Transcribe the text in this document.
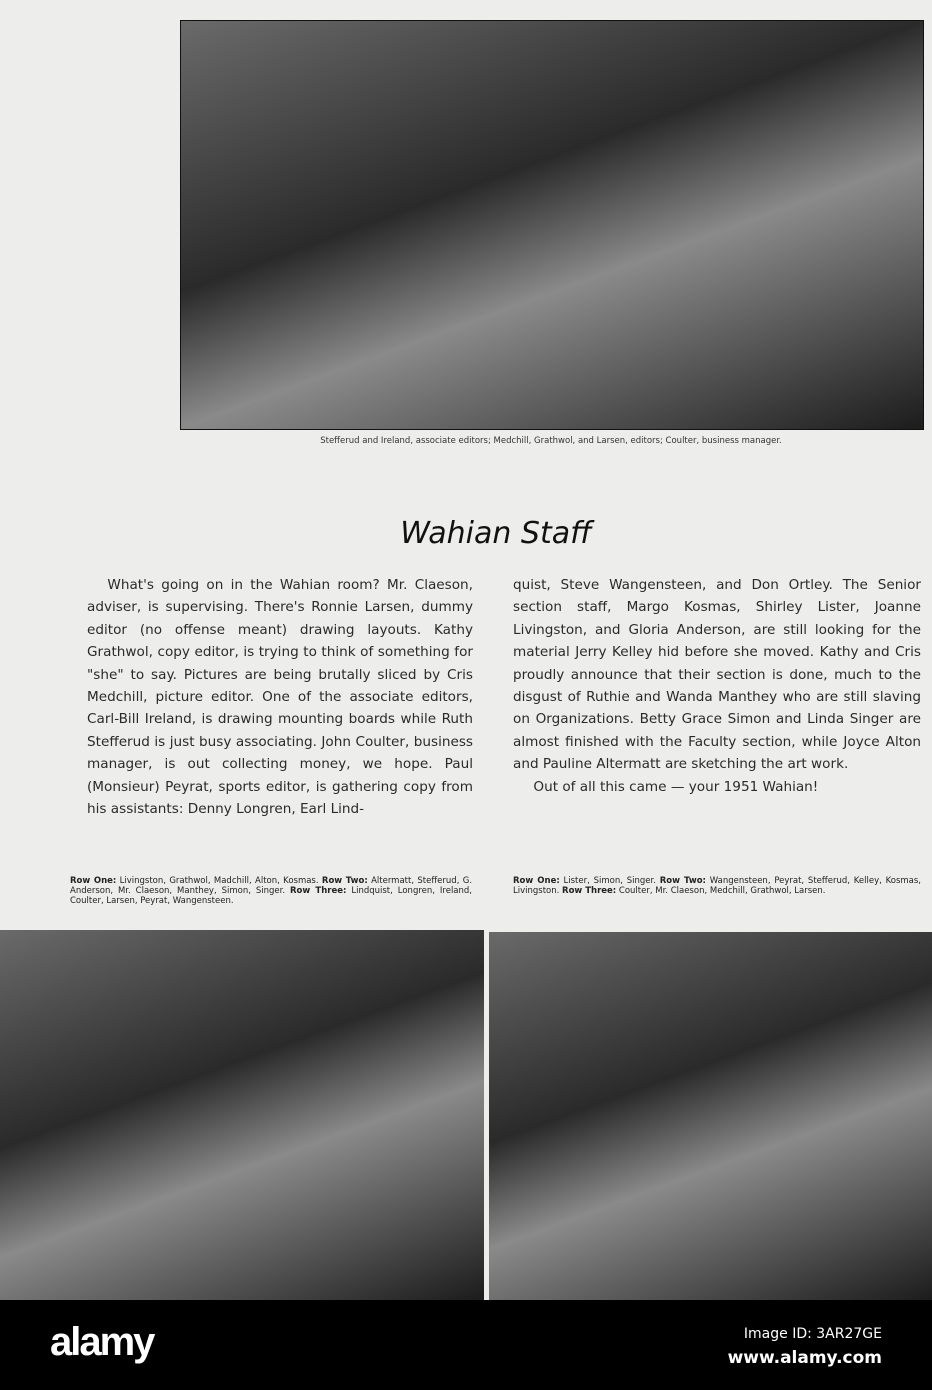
Stefferud and Ireland, associate editors; Medchill, Grathwol, and Larsen, editors; Coulter, business manager.
Wahian Staff

What's going on in the Wahian room? Mr. Claeson, adviser, is supervising. There's Ronnie Larsen, dummy editor (no offense meant) drawing layouts. Kathy Grathwol, copy editor, is trying to think of something for "she" to say. Pictures are being brutally sliced by Cris Medchill, picture editor. One of the associate editors, Carl-Bill Ireland, is drawing mounting boards while Ruth Stefferud is just busy associating. John Coulter, business manager, is out collecting money, we hope. Paul (Monsieur) Peyrat, sports editor, is gathering copy from his assistants: Denny Longren, Earl Lind-

quist, Steve Wangensteen, and Don Ortley. The Senior section staff, Margo Kosmas, Shirley Lister, Joanne Livingston, and Gloria Anderson, are still looking for the material Jerry Kelley hid before she moved. Kathy and Cris proudly announce that their section is done, much to the disgust of Ruthie and Wanda Manthey who are still slaving on Organizations. Betty Grace Simon and Linda Singer are almost finished with the Faculty section, while Joyce Alton and Pauline Altermatt are sketching the art work.

Out of all this came — your 1951 Wahian!

Row One: Livingston, Grathwol, Madchill, Alton, Kosmas. Row Two: Altermatt, Stefferud, G. Anderson, Mr. Claeson, Manthey, Simon, Singer. Row Three: Lindquist, Longren, Ireland, Coulter, Larsen, Peyrat, Wangensteen.
Row One: Lister, Simon, Singer. Row Two: Wangensteen, Peyrat, Stefferud, Kelley, Kosmas, Livingston. Row Three: Coulter, Mr. Claeson, Medchill, Grathwol, Larsen.
alamy	Image ID: 3AR27GE
www.alamy.com
